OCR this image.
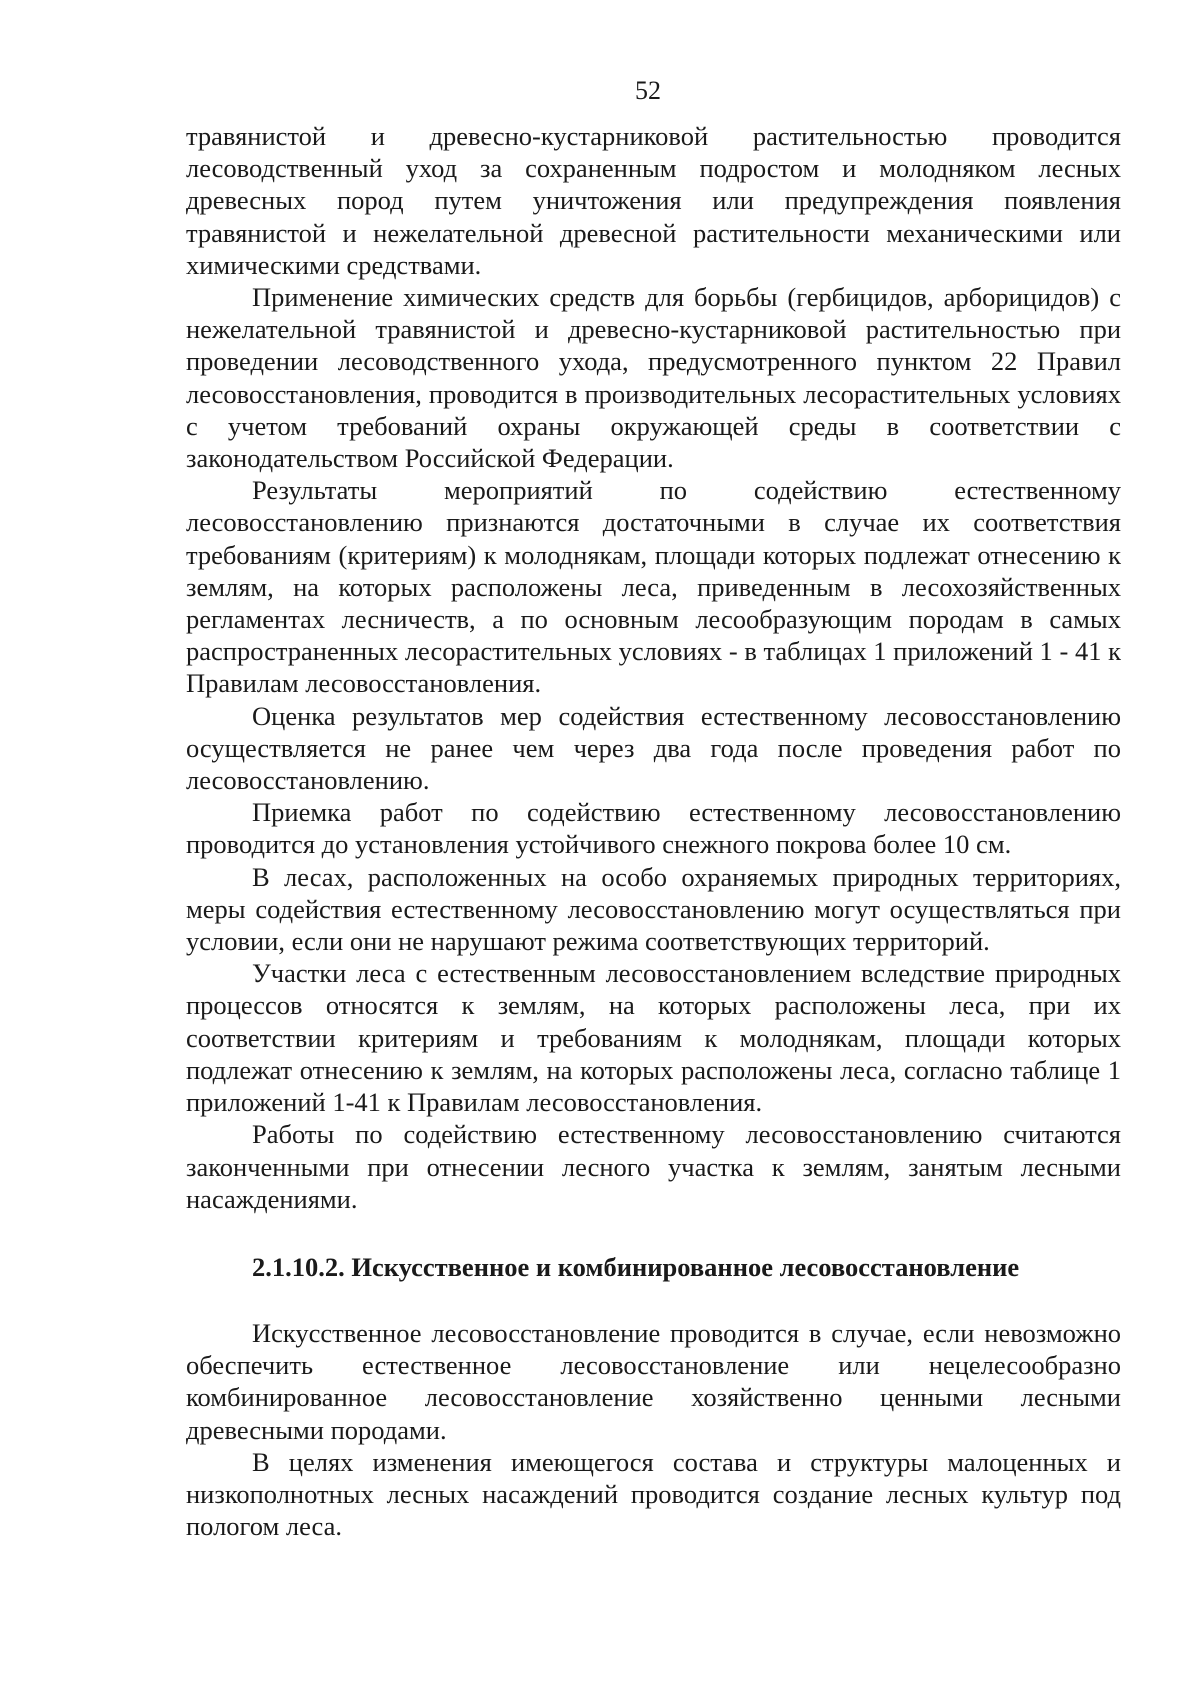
52

травянистой и древесно-кустарниковой растительностью проводится лесоводственный уход за сохраненным подростом и молодняком лесных древесных пород путем уничтожения или предупреждения появления травянистой и нежелательной древесной растительности механическими или химическими средствами.

Применение химических средств для борьбы (гербицидов, арборицидов) с нежелательной травянистой и древесно-кустарниковой растительностью при проведении лесоводственного ухода, предусмотренного пунктом 22 Правил лесовосстановления, проводится в производительных лесорастительных условиях с учетом требований охраны окружающей среды в соответствии с законодательством Российской Федерации.

Результаты мероприятий по содействию естественному лесовосстановлению признаются достаточными в случае их соответствия требованиям (критериям) к молоднякам, площади которых подлежат отнесению к землям, на которых расположены леса, приведенным в лесохозяйственных регламентах лесничеств, а по основным лесообразующим породам в самых распространенных лесорастительных условиях - в таблицах 1 приложений 1 - 41 к Правилам лесовосстановления.

Оценка результатов мер содействия естественному лесовосстановлению осуществляется не ранее чем через два года после проведения работ по лесовосстановлению.

Приемка работ по содействию естественному лесовосстановлению проводится до установления устойчивого снежного покрова более 10 см.

В лесах, расположенных на особо охраняемых природных территориях, меры содействия естественному лесовосстановлению могут осуществляться при условии, если они не нарушают режима соответствующих территорий.

Участки леса с естественным лесовосстановлением вследствие природных процессов относятся к землям, на которых расположены леса, при их соответствии критериям и требованиям к молоднякам, площади которых подлежат отнесению к землям, на которых расположены леса, согласно таблице 1 приложений 1-41 к Правилам лесовосстановления.

Работы по содействию естественному лесовосстановлению считаются законченными при отнесении лесного участка к землям, занятым лесными насаждениями.

2.1.10.2. Искусственное и комбинированное лесовосстановление

Искусственное лесовосстановление проводится в случае, если невозможно обеспечить естественное лесовосстановление или нецелесообразно комбинированное лесовосстановление хозяйственно ценными лесными древесными породами.

В целях изменения имеющегося состава и структуры малоценных и низкополнотных лесных насаждений проводится создание лесных культур под пологом леса.
